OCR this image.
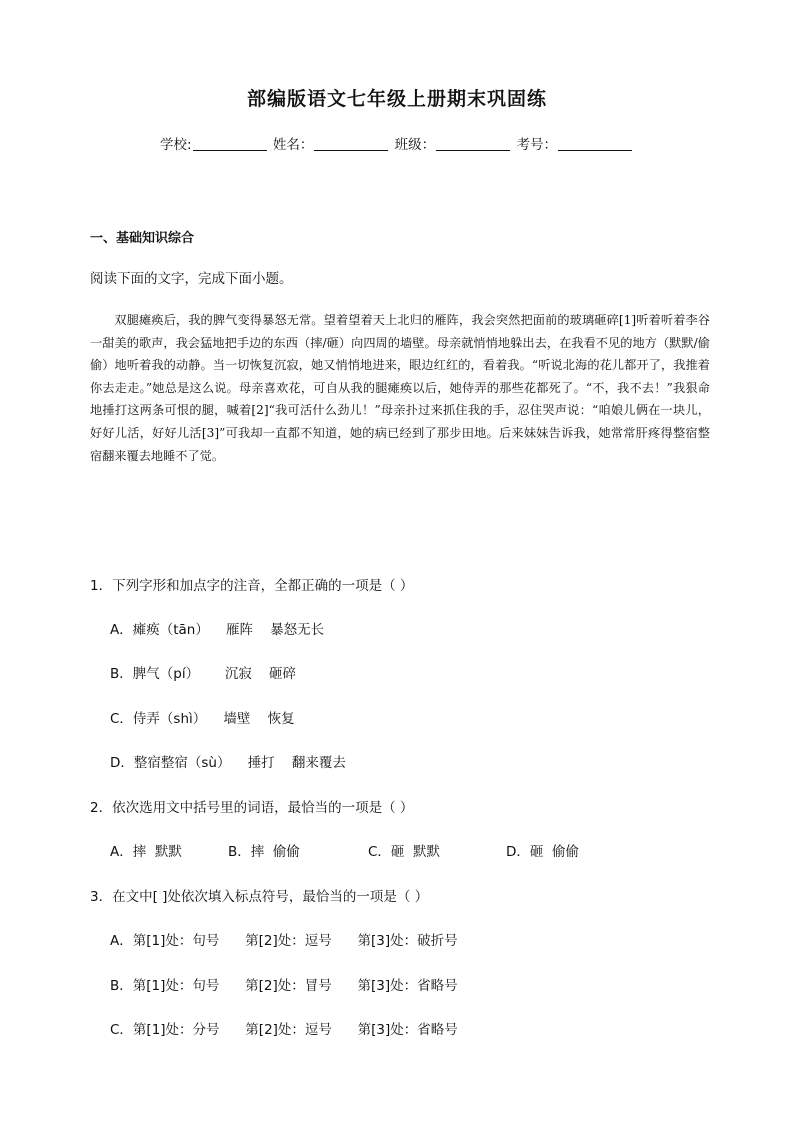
部编版语文七年级上册期末巩固练
学校:	姓名：	班级：	考号：
一、基础知识综合
阅读下面的文字，完成下面小题。

双腿瘫痪后，我的脾气变得暴怒无常。望着望着天上北归的雁阵，我会突然把面前的玻璃砸碎[1]听着听着李谷一甜美的歌声，我会猛地把手边的东西（摔/砸）向四周的墙壁。母亲就悄悄地躲出去，在我看不见的地方（默默/偷偷）地听着我的动静。当一切恢复沉寂，她又悄悄地进来，眼边红红的，看着我。“听说北海的花儿都开了，我推着你去走走。”她总是这么说。母亲喜欢花，可自从我的腿瘫痪以后，她侍弄的那些花都死了。“不，我不去！”我狠命地捶打这两条可恨的腿，喊着[2]“我可活什么劲儿！”母亲扑过来抓住我的手，忍住哭声说：“咱娘儿俩在一块儿，好好儿活，好好儿活[3]”可我却一直都不知道，她的病已经到了那步田地。后来妹妹告诉我，她常常肝疼得整宿整宿翻来覆去地睡不了觉。

1．下列字形和加点字的注音，全都正确的一项是（ ）
A．瘫痪（tān）    雁阵    暴怒无长
B．脾气（pí）      沉寂    砸碎
C．侍弄（shì）    墙壁    恢复
D．整宿整宿（sù）    捶打    翻来覆去
2．依次选用文中括号里的词语，最恰当的一项是（ ）
A．摔  默默	B．摔  偷偷	C．砸  默默	D．砸  偷偷
3．在文中[ ]处依次填入标点符号，最恰当的一项是（ ）
A．第[1]处：句号      第[2]处：逗号      第[3]处：破折号
B．第[1]处：句号      第[2]处：冒号      第[3]处：省略号
C．第[1]处：分号      第[2]处：逗号      第[3]处：省略号
